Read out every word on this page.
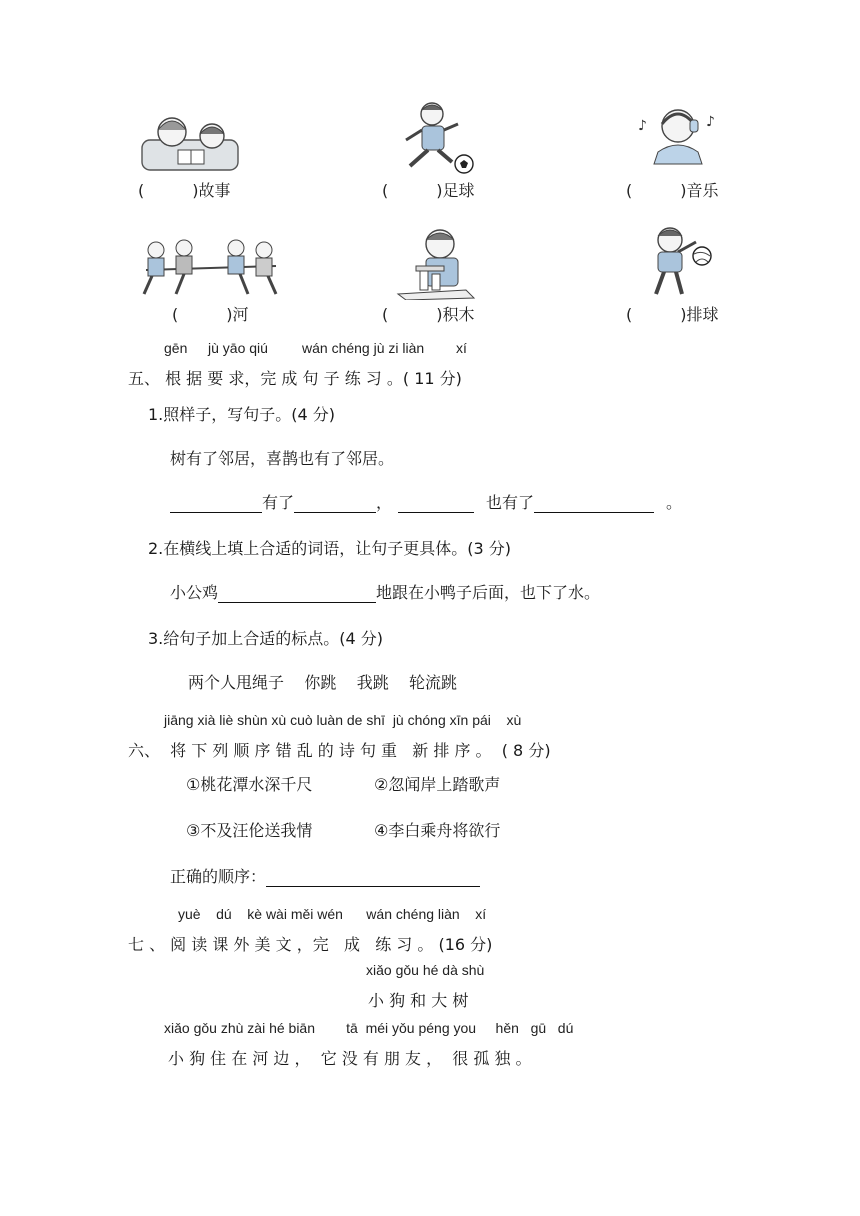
(	)故事	(	)足球
♪	♪
(	)音乐
(	)河	(	)积木	(	)排球
gēn jù yāo qiú wán chéng jù zi liàn xí
五、 根 据 要 求，完 成 句 子 练 习 。( 11 分)
1.照样子，写句子。(4 分)
树有了邻居，喜鹊也有了邻居。
有了	，	也有了	。
2.在横线上填上合适的词语，让句子更具体。(3 分)
小公鸡	地跟在小鸭子后面，也下了水。
3.给句子加上合适的标点。(4 分)
两个人甩绳子    你跳    我跳    轮流跳
jiāng xià liè shùn xù cuò luàn de shī  jù chóng xīn pái    xù
六、  将 下 列 顺 序 错 乱 的 诗 句 重   新 排 序 。  ( 8 分)
①桃花潭水深千尺	②忽闻岸上踏歌声
③不及汪伦送我情	④李白乘舟将欲行
正确的顺序：
yuè    dú    kè wài měi wén      wán chéng liàn    xí
七 、 阅 读 课 外 美 文 ，完   成   练 习 。 (16 分)
xiǎo gǒu hé dà shù
小 狗 和 大 树
xiǎo gǒu zhù zài hé biān        tā  méi yǒu péng you     hěn   gū   dú
小 狗 住 在 河 边 ，  它 没 有 朋 友 ，  很 孤 独 。
